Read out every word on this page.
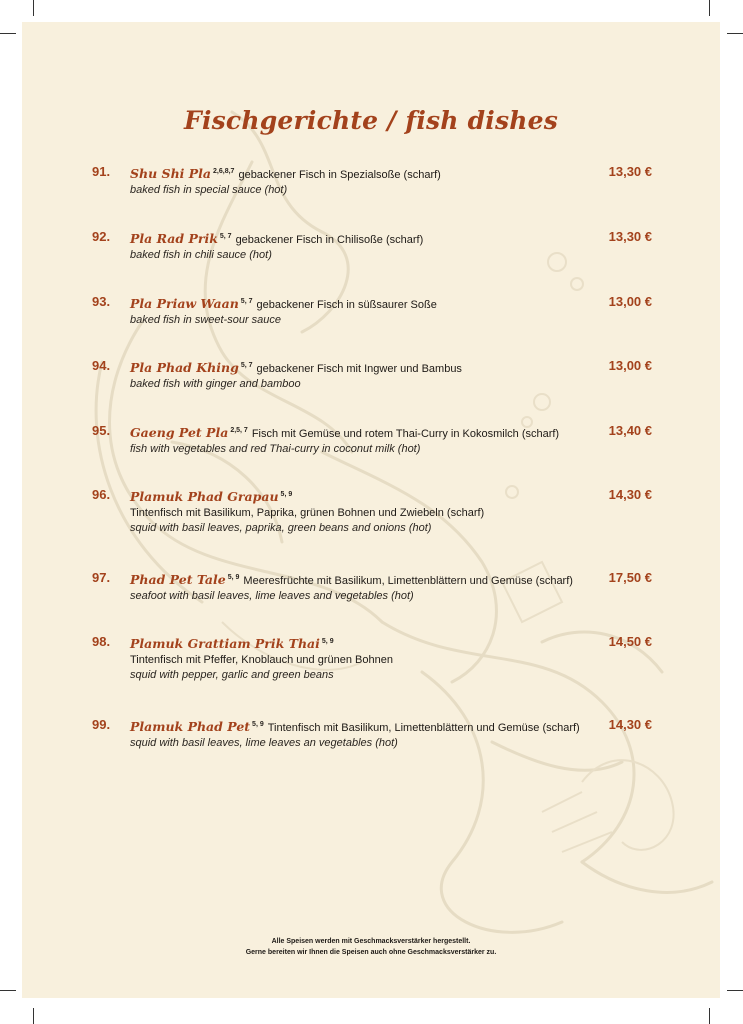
Fischgerichte / fish dishes
91. Shu Shi Pla $^{2,6,8,7}$ gebackener Fisch in Spezialsoße (scharf)
baked fish in special sauce (hot)
13,30 €
92. Pla Rad Prik $^{5, 7}$ gebackener Fisch in Chilisoße (scharf)
baked fish in chili sauce (hot)
13,30 €
93. Pla Priaw Waan $^{5, 7}$ gebackener Fisch in süßsaurer Soße
baked fish in sweet-sour sauce
13,00 €
94. Pla Phad Khing $^{5, 7}$ gebackener Fisch mit Ingwer und Bambus
baked fish with ginger and bamboo
13,00 €
95. Gaeng Pet Pla $^{2,5, 7}$ Fisch mit Gemüse und rotem Thai-Curry in Kokosmilch (scharf)
fish with vegetables and red Thai-curry in coconut milk (hot)
13,40 €
96. Plamuk Phad Grapau $^{5, 9}$
Tintenfisch mit Basilikum, Paprika, grünen Bohnen und Zwiebeln (scharf)
squid with basil leaves, paprika, green beans and onions (hot)
14,30 €
97. Phad Pet Tale $^{5, 9}$ Meeresfrüchte mit Basilikum, Limettenblättern und Gemüse (scharf)
seafoot with basil leaves, lime leaves and vegetables (hot)
17,50 €
98. Plamuk Grattiam Prik Thai $^{5, 9}$
Tintenfisch mit Pfeffer, Knoblauch und grünen Bohnen
squid with pepper, garlic and green beans
14,50 €
99. Plamuk Phad Pet $^{5, 9}$ Tintenfisch mit Basilikum, Limettenblättern und Gemüse (scharf)
squid with basil leaves, lime leaves an vegetables (hot)
14,30 €
Alle Speisen werden mit Geschmacksverstärker hergestellt.
Gerne bereiten wir Ihnen die Speisen auch ohne Geschmacksverstärker zu.
